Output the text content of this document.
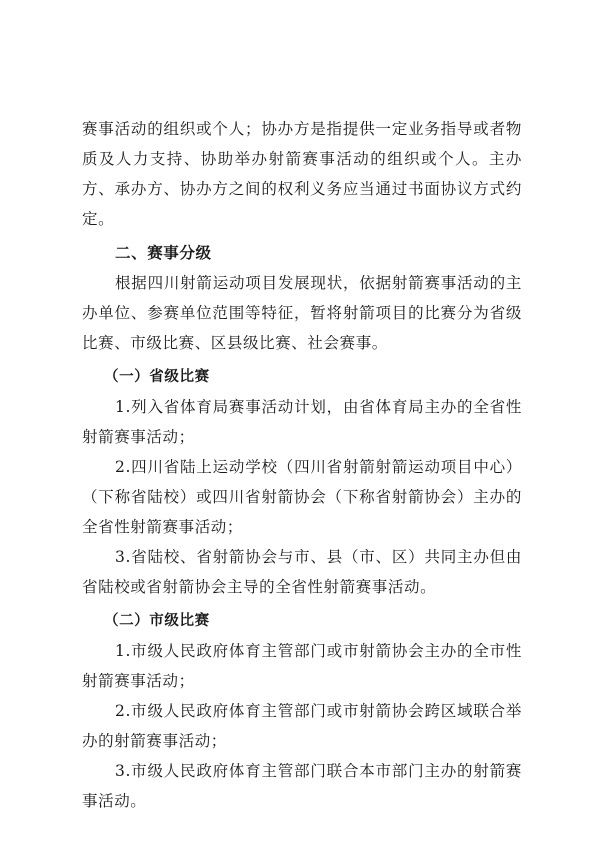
赛事活动的组织或个人；协办方是指提供一定业务指导或者物质及人力支持、协助举办射箭赛事活动的组织或个人。主办方、承办方、协办方之间的权利义务应当通过书面协议方式约定。

二、赛事分级

根据四川射箭运动项目发展现状，依据射箭赛事活动的主办单位、参赛单位范围等特征，暂将射箭项目的比赛分为省级比赛、市级比赛、区县级比赛、社会赛事。

（一）省级比赛

1.列入省体育局赛事活动计划，由省体育局主办的全省性射箭赛事活动；

2.四川省陆上运动学校（四川省射箭射箭运动项目中心）（下称省陆校）或四川省射箭协会（下称省射箭协会）主办的全省性射箭赛事活动；

3.省陆校、省射箭协会与市、县（市、区）共同主办但由省陆校或省射箭协会主导的全省性射箭赛事活动。

（二）市级比赛

1.市级人民政府体育主管部门或市射箭协会主办的全市性射箭赛事活动；

2.市级人民政府体育主管部门或市射箭协会跨区域联合举办的射箭赛事活动；

3.市级人民政府体育主管部门联合本市部门主办的射箭赛事活动。
